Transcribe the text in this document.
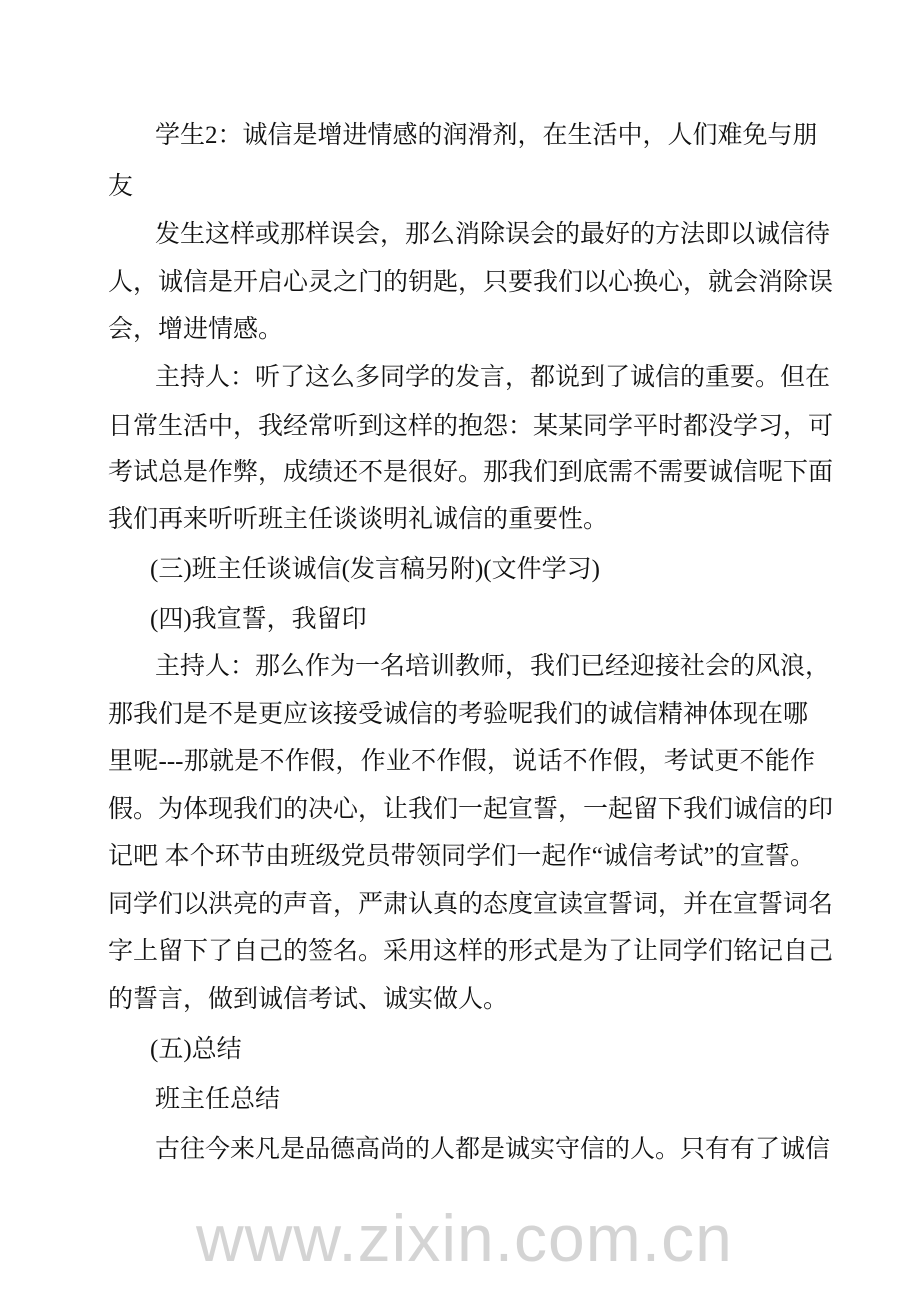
学生2：诚信是增进情感的润滑剂，在生活中，人们难免与朋
友
发生这样或那样误会，那么消除误会的最好的方法即以诚信待
人，诚信是开启心灵之门的钥匙，只要我们以心换心，就会消除误
会，增进情感。
主持人：听了这么多同学的发言，都说到了诚信的重要。但在
日常生活中，我经常听到这样的抱怨：某某同学平时都没学习，可
考试总是作弊，成绩还不是很好。那我们到底需不需要诚信呢下面
我们再来听听班主任谈谈明礼诚信的重要性。
(三)班主任谈诚信(发言稿另附)(文件学习)
(四)我宣誓，我留印
主持人：那么作为一名培训教师，我们已经迎接社会的风浪，
那我们是不是更应该接受诚信的考验呢我们的诚信精神体现在哪
里呢---那就是不作假，作业不作假，说话不作假，考试更不能作
假。为体现我们的决心，让我们一起宣誓，一起留下我们诚信的印
记吧 本个环节由班级党员带领同学们一起作“诚信考试”的宣誓。
同学们以洪亮的声音，严肃认真的态度宣读宣誓词，并在宣誓词名
字上留下了自己的签名。采用这样的形式是为了让同学们铭记自己
的誓言，做到诚信考试、诚实做人。
(五)总结
班主任总结
古往今来凡是品德高尚的人都是诚实守信的人。只有有了诚信
www.zixin.com.cn
